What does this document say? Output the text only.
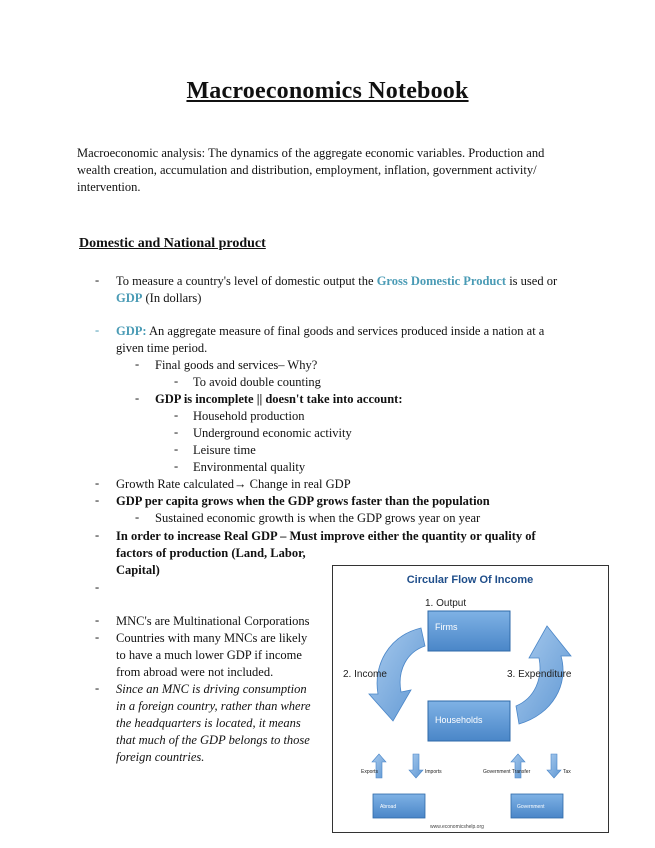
Macroeconomics Notebook
Macroeconomic analysis: The dynamics of the aggregate economic variables. Production and wealth creation, accumulation and distribution, employment, inflation, government activity/ intervention.
Domestic and National product
- To measure a country's level of domestic output the Gross Domestic Product is used or
GDP (In dollars)
- GDP: An aggregate measure of final goods and services produced inside a nation at a
given time period.
- Final goods and services– Why?
- To avoid double counting
- GDP is incomplete || doesn't take into account:
- Household production
- Underground economic activity
- Leisure time
- Environmental quality
- Growth Rate calculated→ Change in real GDP
- GDP per capita grows when the GDP grows faster than the population
- Sustained economic growth is when the GDP grows year on year
- In order to increase Real GDP – Must improve either the quantity or quality of
factors of production (Land, Labor,
Capital)
-
- MNC's are Multinational Corporations
- Countries with many MNCs are likely
to have a much lower GDP if income
from abroad were not included.
- Since an MNC is driving consumption
in a foreign country, rather than where
the headquarters is located, it means
that much of the GDP belongs to those
foreign countries.
Circular Flow Of Income
1. Output
Firms
Households
2. Income	3. Expenditure
Exports	Imports	Government Transfer	Tax
Abroad	Government
www.economicshelp.org
